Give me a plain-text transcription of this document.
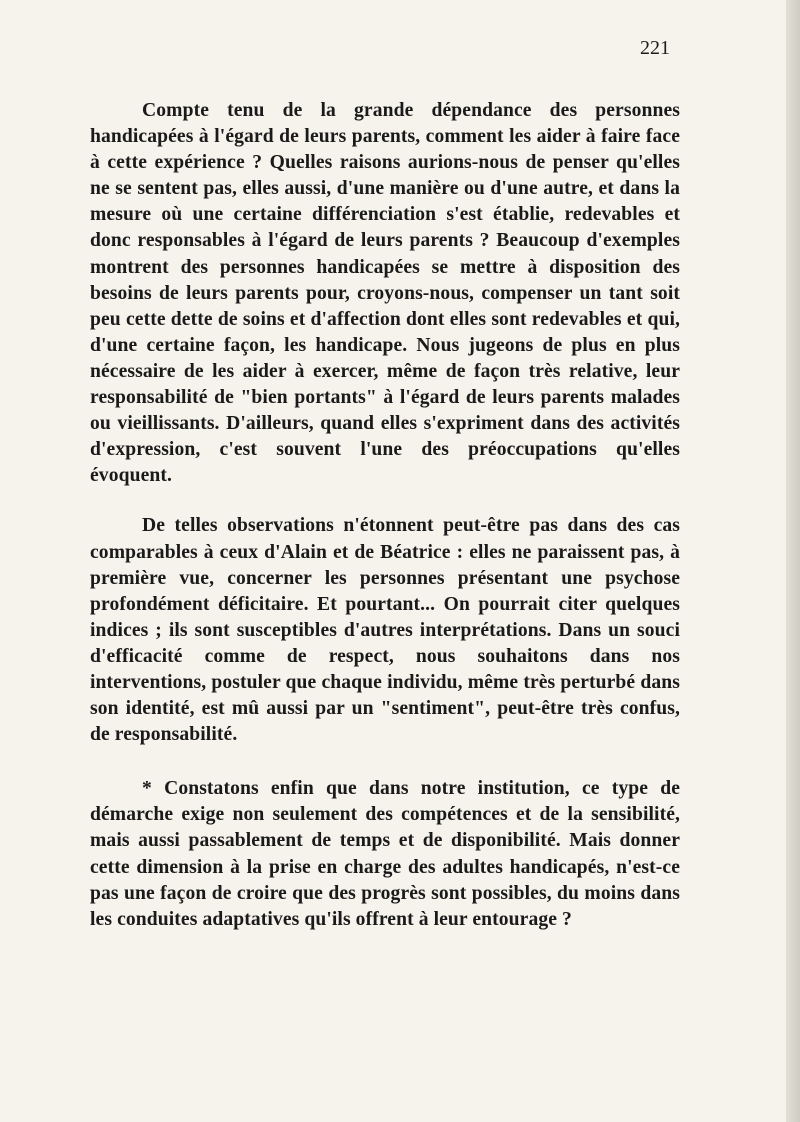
221

Compte tenu de la grande dépendance des personnes handicapées à l'égard de leurs parents, comment les aider à faire face à cette expérience ? Quelles raisons aurions-nous de penser qu'elles ne se sentent pas, elles aussi, d'une manière ou d'une autre, et dans la mesure où une certaine différenciation s'est établie, redevables et donc responsables à l'égard de leurs parents ? Beaucoup d'exemples montrent des personnes handicapées se mettre à disposition des besoins de leurs parents pour, croyons-nous, compenser un tant soit peu cette dette de soins et d'affection dont elles sont redevables et qui, d'une certaine façon, les handicape. Nous jugeons de plus en plus nécessaire de les aider à exercer, même de façon très relative, leur responsabilité de "bien portants" à l'égard de leurs parents malades ou vieillissants. D'ailleurs, quand elles s'expriment dans des activités d'expression, c'est souvent l'une des préoccupations qu'elles évoquent.

De telles observations n'étonnent peut-être pas dans des cas comparables à ceux d'Alain et de Béatrice : elles ne paraissent pas, à première vue, concerner les personnes présentant une psychose profondément déficitaire. Et pourtant... On pourrait citer quelques indices ; ils sont susceptibles d'autres interprétations. Dans un souci d'efficacité comme de respect, nous souhaitons dans nos interventions, postuler que chaque individu, même très perturbé dans son identité, est mû aussi par un "sentiment", peut-être très confus, de responsabilité.

* Constatons enfin que dans notre institution, ce type de démarche exige non seulement des compétences et de la sensibilité, mais aussi passablement de temps et de disponibilité. Mais donner cette dimension à la prise en charge des adultes handicapés, n'est-ce pas une façon de croire que des progrès sont possibles, du moins dans les conduites adaptatives qu'ils offrent à leur entourage ?
